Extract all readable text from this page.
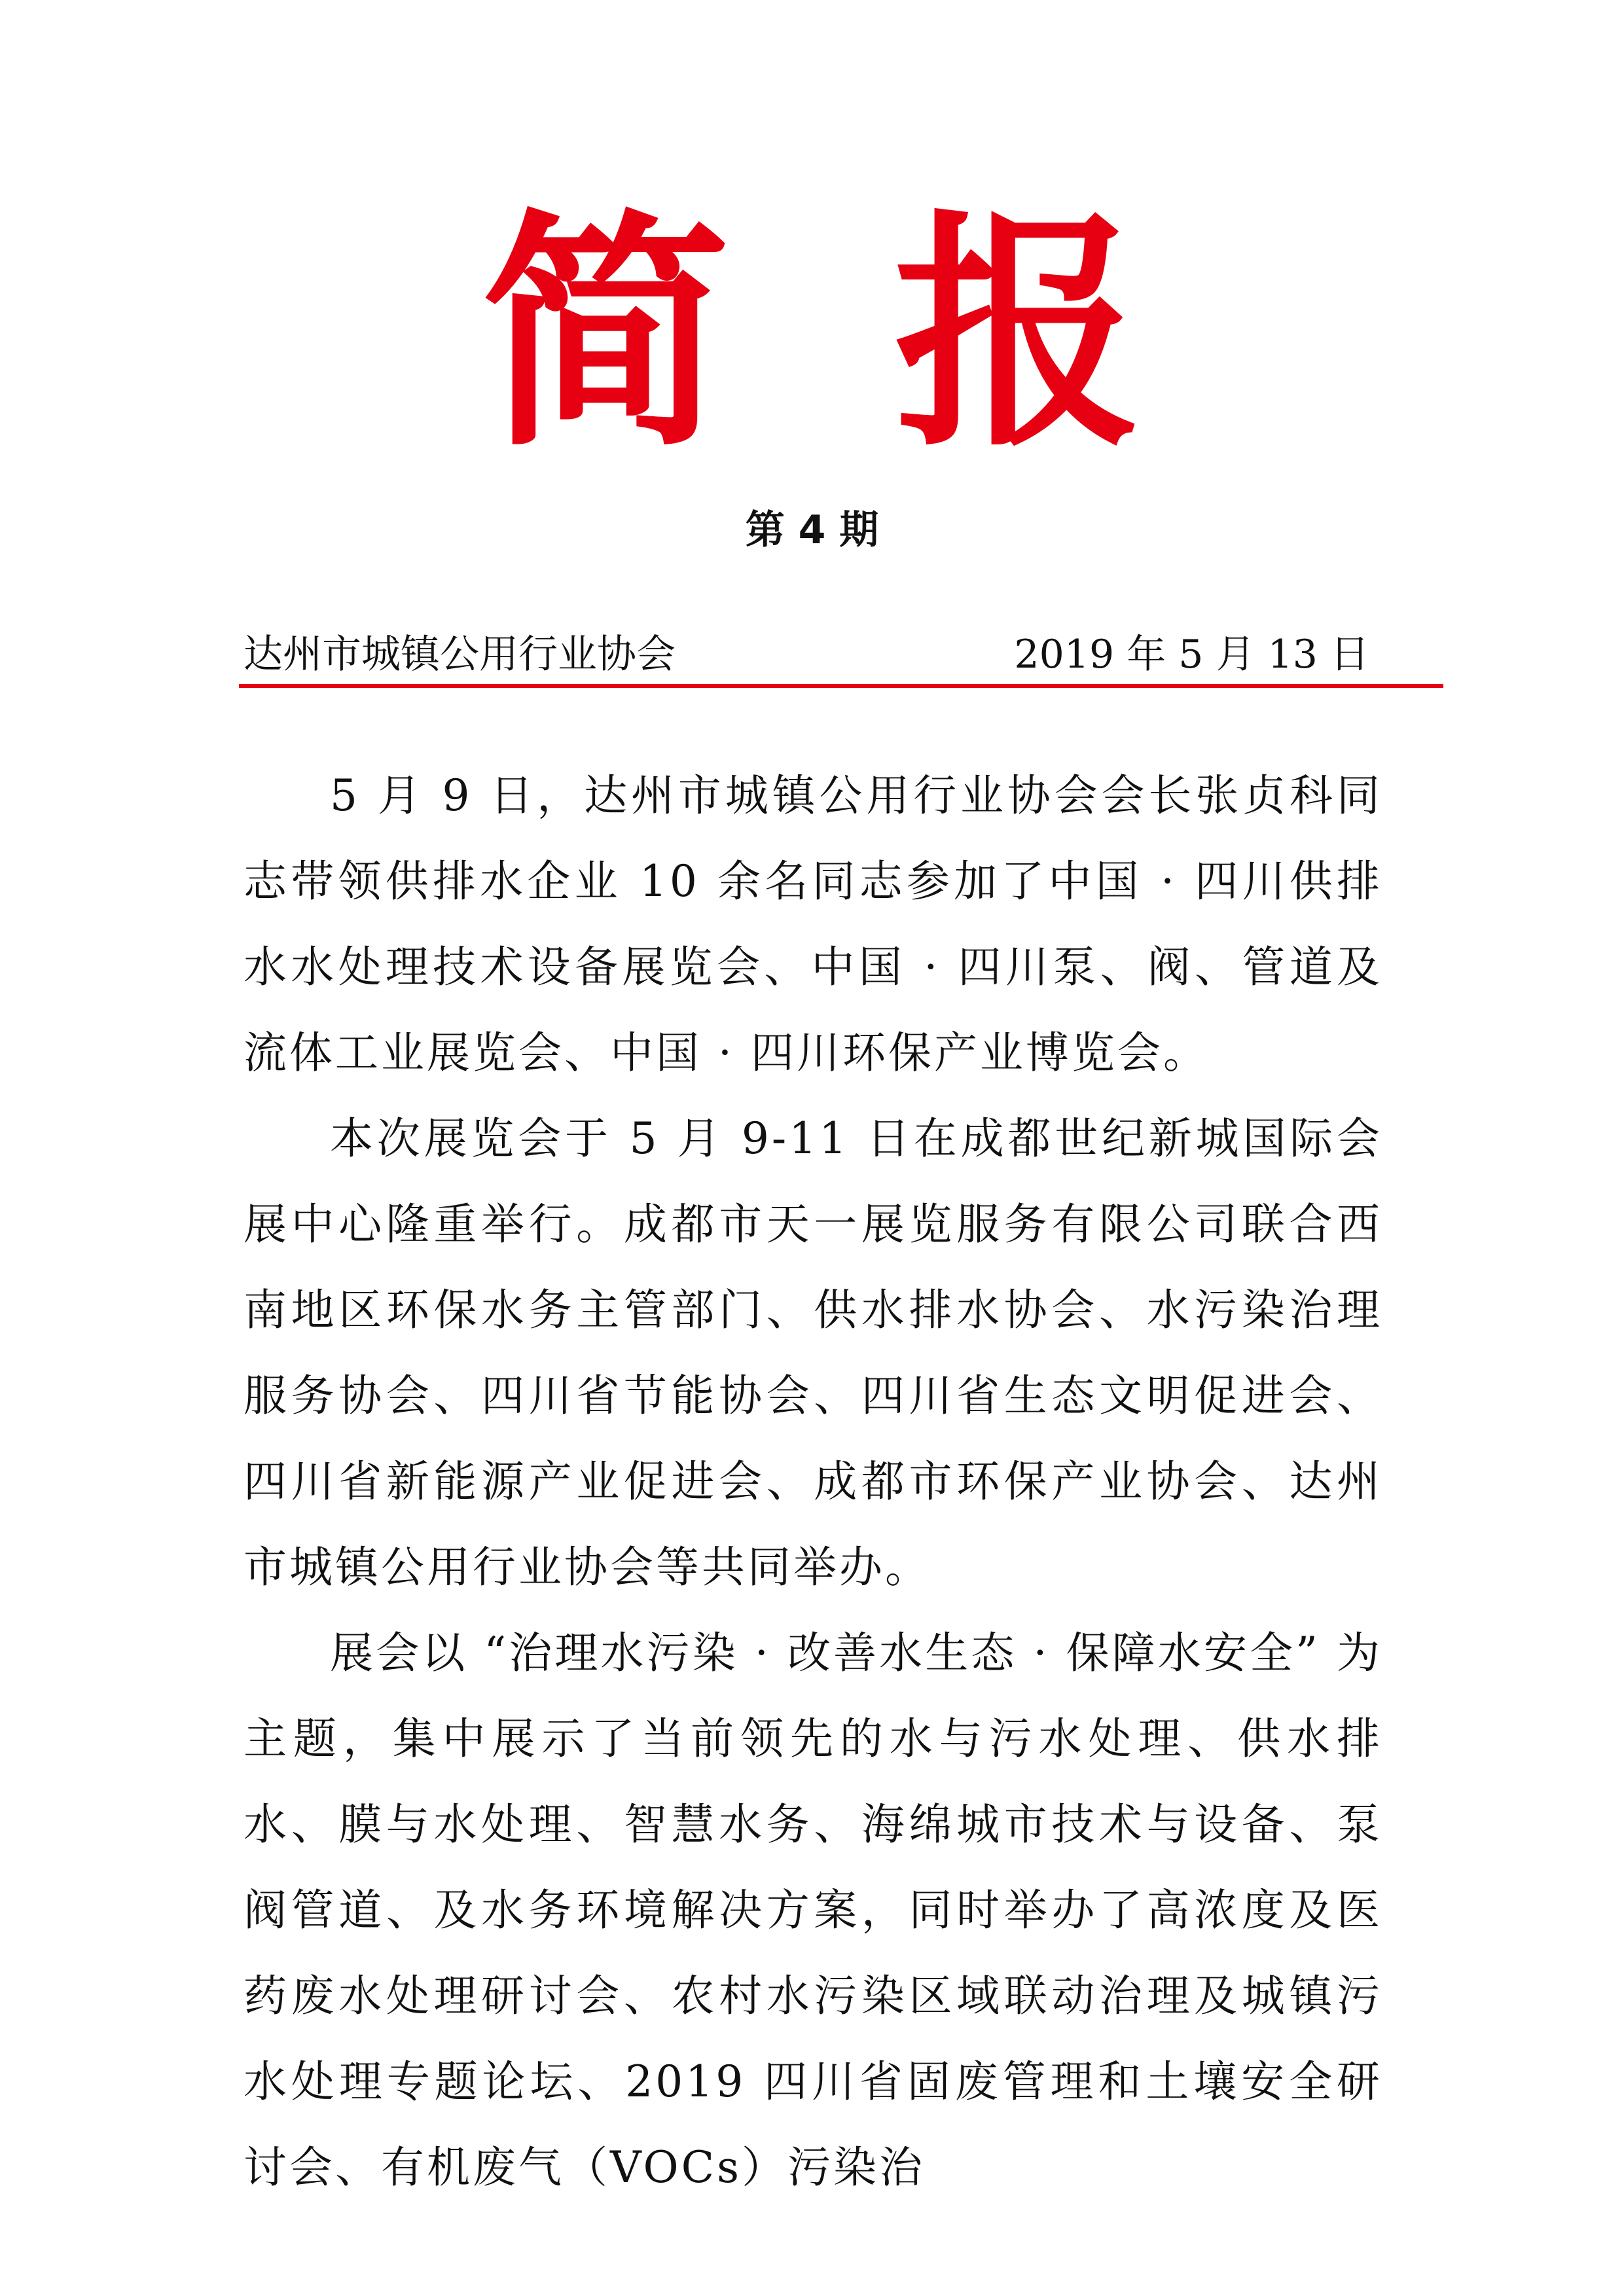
简 报
第 4 期
达州市城镇公用行业协会	2019 年 5 月 13 日

5 月 9 日，达州市城镇公用行业协会会长张贞科同志带领供排水企业 10 余名同志参加了中国 · 四川供排水水处理技术设备展览会、中国 · 四川泵、阀、管道及流体工业展览会、中国 · 四川环保产业博览会。

本次展览会于 5 月 9-11 日在成都世纪新城国际会展中心隆重举行。成都市天一展览服务有限公司联合西南地区环保水务主管部门、供水排水协会、水污染治理服务协会、四川省节能协会、四川省生态文明促进会、四川省新能源产业促进会、成都市环保产业协会、达州市城镇公用行业协会等共同举办。

展会以 “治理水污染 · 改善水生态 · 保障水安全” 为主题，集中展示了当前领先的水与污水处理、供水排水、膜与水处理、智慧水务、海绵城市技术与设备、泵阀管道、及水务环境解决方案，同时举办了高浓度及医药废水处理研讨会、农村水污染区域联动治理及城镇污水处理专题论坛、2019 四川省固废管理和土壤安全研讨会、有机废气（VOCs）污染治
